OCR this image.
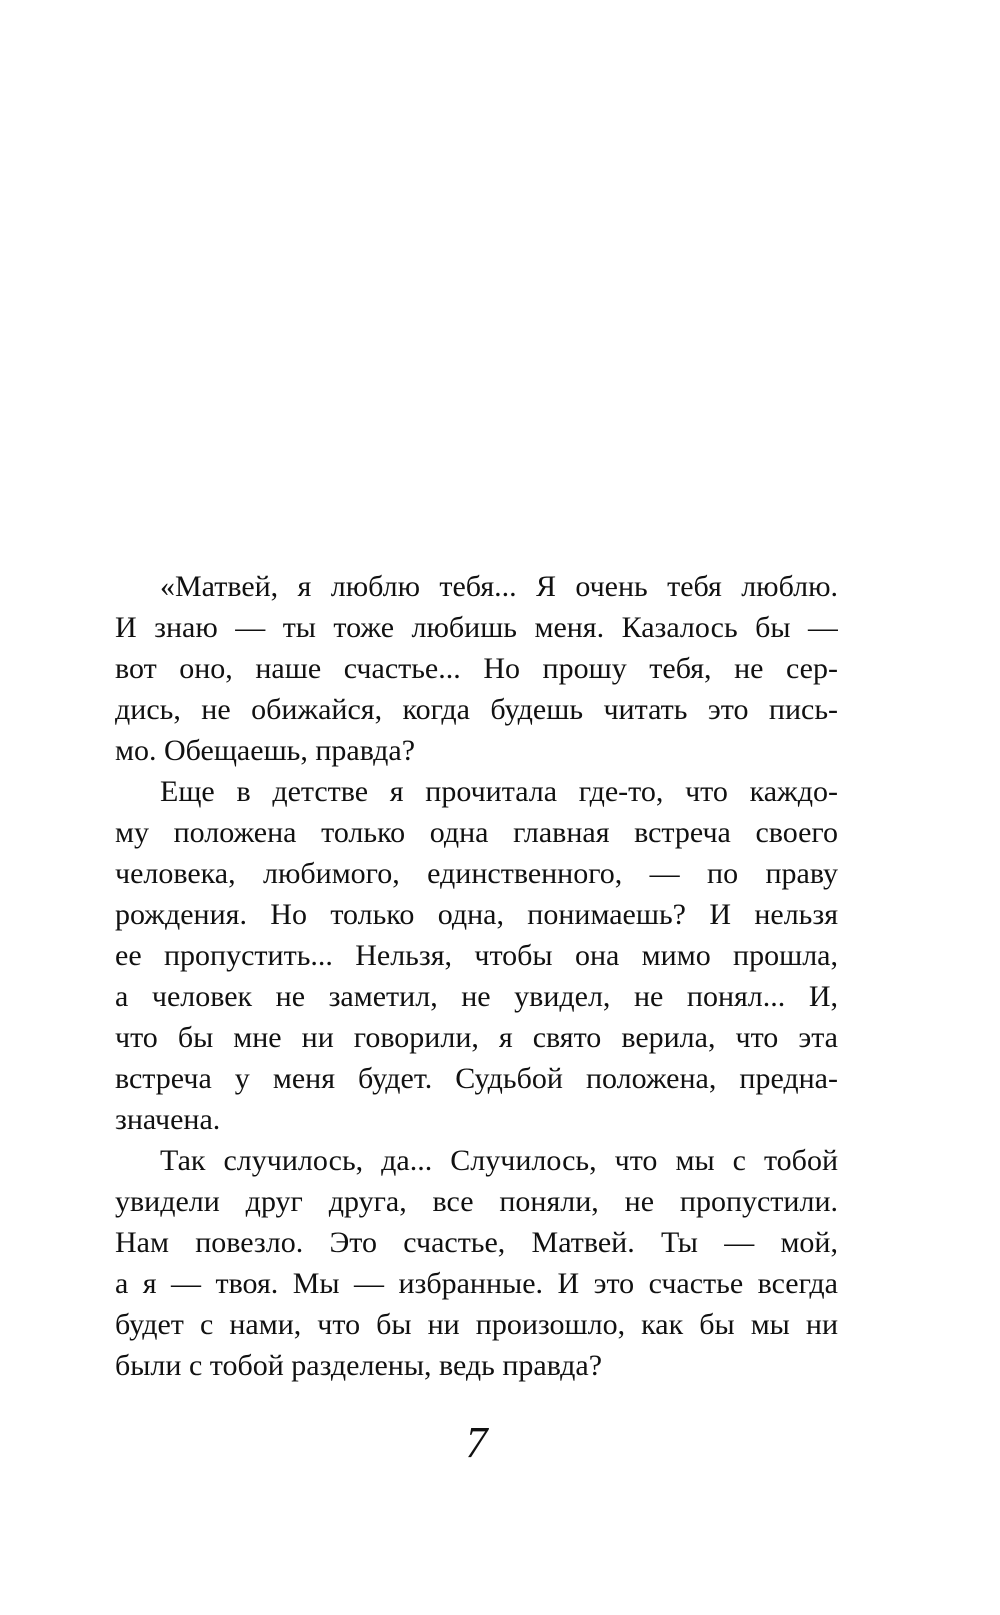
«Матвей, я люблю тебя... Я очень тебя люблю.
И знаю — ты тоже любишь меня. Казалось бы —
вот оно, наше счастье... Но прошу тебя, не сер-
дись, не обижайся, когда будешь читать это пись-
мо. Обещаешь, правда?
Еще в детстве я прочитала где-то, что каждо-
му положена только одна главная встреча своего
человека, любимого, единственного, — по праву
рождения. Но только одна, понимаешь? И нельзя
ее пропустить... Нельзя, чтобы она мимо прошла,
а человек не заметил, не увидел, не понял... И,
что бы мне ни говорили, я свято верила, что эта
встреча у меня будет. Судьбой положена, предна-
значена.
Так случилось, да... Случилось, что мы с тобой
увидели друг друга, все поняли, не пропустили.
Нам повезло. Это счастье, Матвей. Ты — мой,
а я — твоя. Мы — избранные. И это счастье всегда
будет с нами, что бы ни произошло, как бы мы ни
были с тобой разделены, ведь правда?
7
